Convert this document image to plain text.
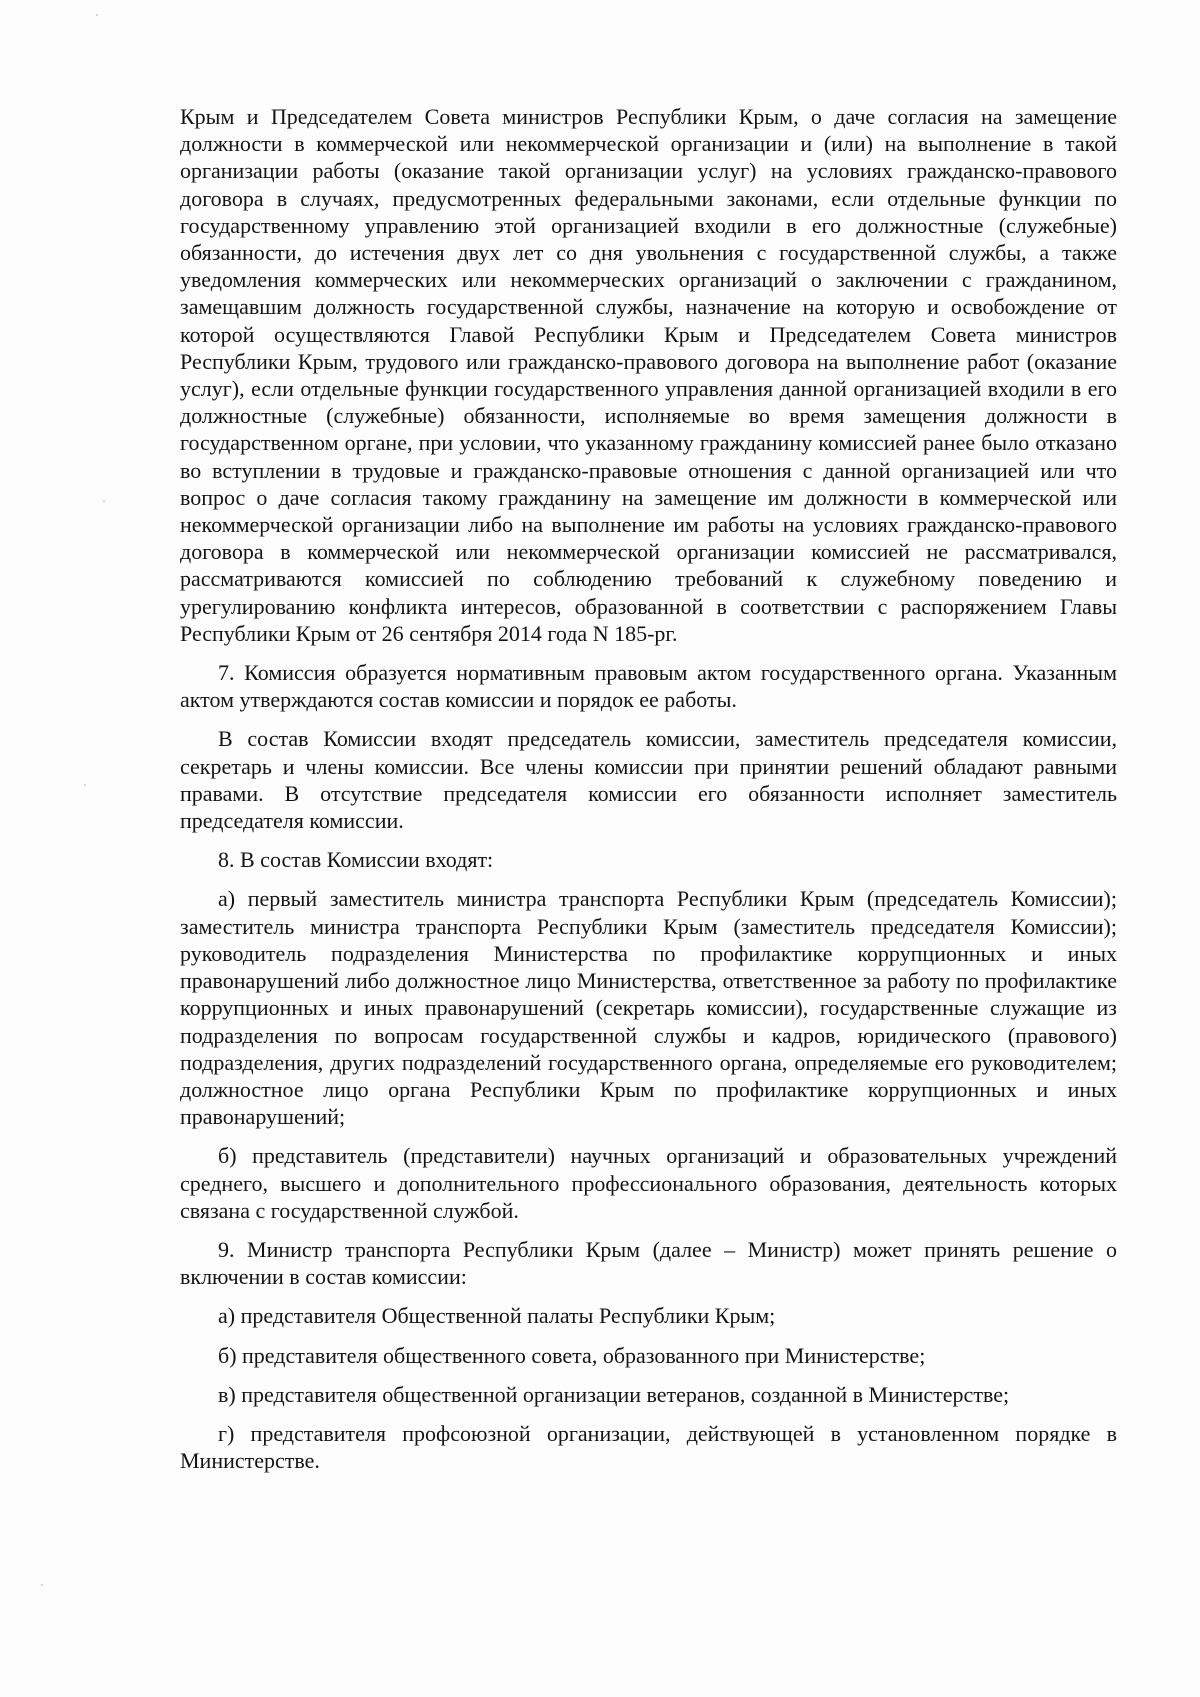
Крым и Председателем Совета министров Республики Крым, о даче согласия на замещение должности в коммерческой или некоммерческой организации и (или) на выполнение в такой организации работы (оказание такой организации услуг) на условиях гражданско-правового договора в случаях, предусмотренных федеральными законами, если отдельные функции по государственному управлению этой организацией входили в его должностные (служебные) обязанности, до истечения двух лет со дня увольнения с государственной службы, а также уведомления коммерческих или некоммерческих организаций о заключении с гражданином, замещавшим должность государственной службы, назначение на которую и освобождение от которой осуществляются Главой Республики Крым и Председателем Совета министров Республики Крым, трудового или гражданско-правового договора на выполнение работ (оказание услуг), если отдельные функции государственного управления данной организацией входили в его должностные (служебные) обязанности, исполняемые во время замещения должности в государственном органе, при условии, что указанному гражданину комиссией ранее было отказано во вступлении в трудовые и гражданско-правовые отношения с данной организацией или что вопрос о даче согласия такому гражданину на замещение им должности в коммерческой или некоммерческой организации либо на выполнение им работы на условиях гражданско-правового договора в коммерческой или некоммерческой организации комиссией не рассматривался, рассматриваются комиссией по соблюдению требований к служебному поведению и урегулированию конфликта интересов, образованной в соответствии с распоряжением Главы Республики Крым от 26 сентября 2014 года N 185-рг.

7. Комиссия образуется нормативным правовым актом государственного органа. Указанным актом утверждаются состав комиссии и порядок ее работы.

В состав Комиссии входят председатель комиссии, заместитель председателя комиссии, секретарь и члены комиссии. Все члены комиссии при принятии решений обладают равными правами. В отсутствие председателя комиссии его обязанности исполняет заместитель председателя комиссии.

8. В состав Комиссии входят:

а) первый заместитель министра транспорта Республики Крым (председатель Комиссии); заместитель министра транспорта Республики Крым (заместитель председателя Комиссии); руководитель подразделения Министерства по профилактике коррупционных и иных правонарушений либо должностное лицо Министерства, ответственное за работу по профилактике коррупционных и иных правонарушений (секретарь комиссии), государственные служащие из подразделения по вопросам государственной службы и кадров, юридического (правового) подразделения, других подразделений государственного органа, определяемые его руководителем; должностное лицо органа Республики Крым по профилактике коррупционных и иных правонарушений;

б) представитель (представители) научных организаций и образовательных учреждений среднего, высшего и дополнительного профессионального образования, деятельность которых связана с государственной службой.

9. Министр транспорта Республики Крым (далее – Министр) может принять решение о включении в состав комиссии:

а) представителя Общественной палаты Республики Крым;

б) представителя общественного совета, образованного при Министерстве;

в) представителя общественной организации ветеранов, созданной в Министерстве;

г) представителя профсоюзной организации, действующей в установленном порядке в Министерстве.
